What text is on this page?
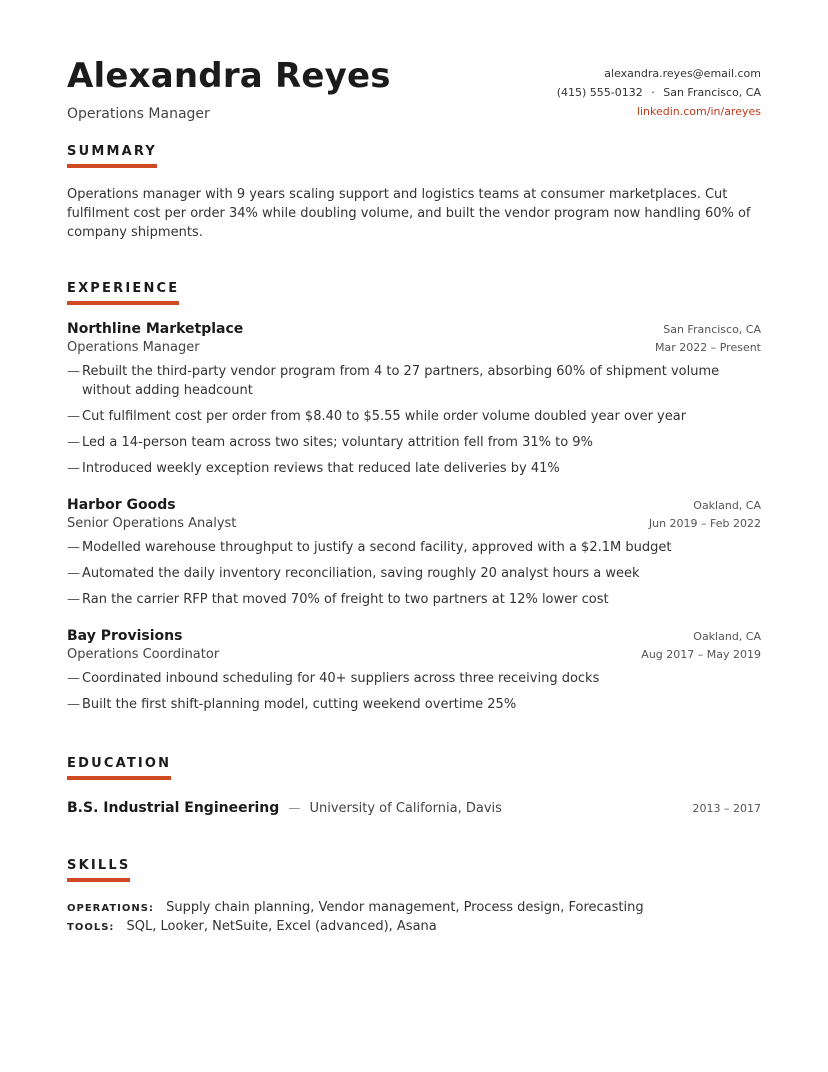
Alexandra Reyes
Operations Manager
alexandra.reyes@email.com
(415) 555-0132 · San Francisco, CA
linkedin.com/in/areyes
SUMMARY
Operations manager with 9 years scaling support and logistics teams at consumer marketplaces. Cut fulfilment cost per order 34% while doubling volume, and built the vendor program now handling 60% of company shipments.
EXPERIENCE
Northline Marketplace	San Francisco, CA
Operations Manager	Mar 2022 – Present
— Rebuilt the third-party vendor program from 4 to 27 partners, absorbing 60% of shipment volume without adding headcount
— Cut fulfilment cost per order from $8.40 to $5.55 while order volume doubled year over year
— Led a 14-person team across two sites; voluntary attrition fell from 31% to 9%
— Introduced weekly exception reviews that reduced late deliveries by 41%
Harbor Goods	Oakland, CA
Senior Operations Analyst	Jun 2019 – Feb 2022
— Modelled warehouse throughput to justify a second facility, approved with a $2.1M budget
— Automated the daily inventory reconciliation, saving roughly 20 analyst hours a week
— Ran the carrier RFP that moved 70% of freight to two partners at 12% lower cost
Bay Provisions	Oakland, CA
Operations Coordinator	Aug 2017 – May 2019
— Coordinated inbound scheduling for 40+ suppliers across three receiving docks
— Built the first shift-planning model, cutting weekend overtime 25%
EDUCATION
B.S. Industrial Engineering — University of California, Davis	2013 – 2017
SKILLS
OPERATIONS: Supply chain planning, Vendor management, Process design, Forecasting
TOOLS: SQL, Looker, NetSuite, Excel (advanced), Asana
